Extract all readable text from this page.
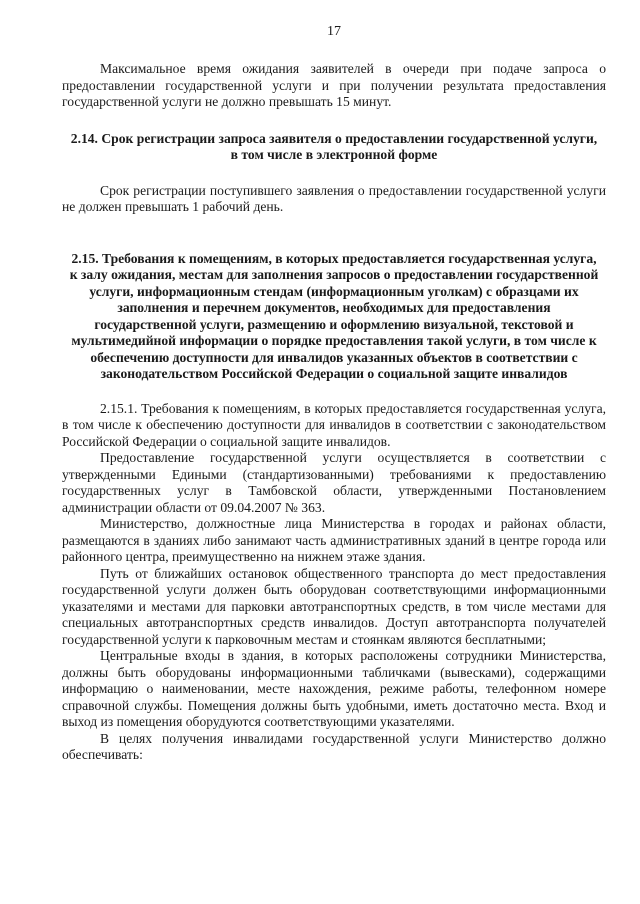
17

Максимальное время ожидания заявителей в очереди при подаче запроса о предоставлении государственной услуги и при получении результата предоставления государственной услуги не должно превышать 15 минут.

2.14. Срок регистрации запроса заявителя о предоставлении государственной услуги, в том числе в электронной форме

Срок регистрации поступившего заявления о предоставлении государственной услуги не должен превышать 1 рабочий день.

2.15. Требования к помещениям, в которых предоставляется государственная услуга, к залу ожидания, местам для заполнения запросов о предоставлении государственной услуги, информационным стендам (информационным уголкам) с образцами их заполнения и перечнем документов, необходимых для предоставления государственной услуги, размещению и оформлению визуальной, текстовой и мультимедийной информации о порядке предоставления такой услуги, в том числе к обеспечению доступности для инвалидов указанных объектов в соответствии с законодательством Российской Федерации о социальной защите инвалидов

2.15.1. Требования к помещениям, в которых предоставляется государственная услуга, в том числе к обеспечению доступности для инвалидов в соответствии с законодательством Российской Федерации о социальной защите инвалидов.

Предоставление государственной услуги осуществляется в соответствии с утвержденными Едиными (стандартизованными) требованиями к предоставлению государственных услуг в Тамбовской области, утвержденными Постановлением администрации области от 09.04.2007 № 363.

Министерство, должностные лица Министерства в городах и районах области, размещаются в зданиях либо занимают часть административных зданий в центре города или районного центра, преимущественно на нижнем этаже здания.

Путь от ближайших остановок общественного транспорта до мест предоставления государственной услуги должен быть оборудован соответствующими информационными указателями и местами для парковки автотранспортных средств, в том числе местами для специальных автотранспортных средств инвалидов. Доступ автотранспорта получателей государственной услуги к парковочным местам и стоянкам являются бесплатными;

Центральные входы в здания, в которых расположены сотрудники Министерства, должны быть оборудованы информационными табличками (вывесками), содержащими информацию о наименовании, месте нахождения, режиме работы, телефонном номере справочной службы. Помещения должны быть удобными, иметь достаточно места. Вход и выход из помещения оборудуются соответствующими указателями.

В целях получения инвалидами государственной услуги Министерство должно обеспечивать:
